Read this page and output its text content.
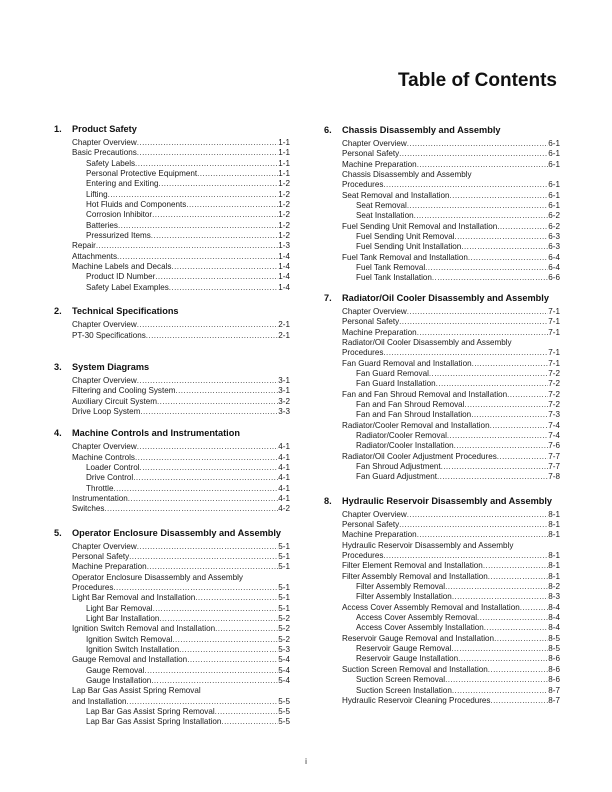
Table of Contents
1.	Product Safety
Chapter Overview .....	1-1
Basic Precautions .....	1-1
Safety Labels .....	1-1
Personal Protective Equipment .....	1-1
Entering and Exiting .....	1-2
Lifting .....	1-2
Hot Fluids and Components .....	1-2
Corrosion Inhibitor .....	1-2
Batteries .....	1-2
Pressurized Items .....	1-2
Repair .....	1-3
Attachments .....	1-4
Machine Labels and Decals .....	1-4
Product ID Number .....	1-4
Safety Label Examples .....	1-4
2.	Technical Specifications
Chapter Overview .....	2-1
PT-30 Specifications .....	2-1
3.	System Diagrams
Chapter Overview .....	3-1
Filtering and Cooling System .....	3-1
Auxiliary Circuit System .....	3-2
Drive Loop System .....	3-3
4.	Machine Controls and Instrumentation
Chapter Overview .....	4-1
Machine Controls .....	4-1
Loader Control .....	4-1
Drive Control .....	4-1
Throttle .....	4-1
Instrumentation .....	4-1
Switches .....	4-2
5.	Operator Enclosure Disassembly and Assembly
Chapter Overview .....	5-1
Personal Safety .....	5-1
Machine Preparation .....	5-1
Operator Enclosure Disassembly and Assembly
Procedures .....	5-1
Light Bar Removal and Installation .....	5-1
Light Bar Removal .....	5-1
Light Bar Installation .....	5-2
Ignition Switch Removal and Installation .....	5-2
Ignition Switch Removal .....	5-2
Ignition Switch Installation .....	5-3
Gauge Removal and Installation .....	5-4
Gauge Removal .....	5-4
Gauge Installation .....	5-4
Lap Bar Gas Assist Spring Removal
and Installation .....	5-5
Lap Bar Gas Assist Spring Removal .....	5-5
Lap Bar Gas Assist Spring Installation .....	5-5
6.	Chassis Disassembly and Assembly
Chapter Overview .....	6-1
Personal Safety .....	6-1
Machine Preparation .....	6-1
Chassis Disassembly and Assembly
Procedures .....	6-1
Seat Removal and Installation .....	6-1
Seat Removal .....	6-1
Seat Installation .....	6-2
Fuel Sending Unit Removal and Installation .....	6-2
Fuel Sending Unit Removal .....	6-3
Fuel Sending Unit Installation .....	6-3
Fuel Tank Removal and Installation .....	6-4
Fuel Tank Removal .....	6-4
Fuel Tank Installation .....	6-6
7.	Radiator/Oil Cooler Disassembly and Assembly
Chapter Overview .....	7-1
Personal Safety .....	7-1
Machine Preparation .....	7-1
Radiator/Oil Cooler Disassembly and Assembly
Procedures .....	7-1
Fan Guard Removal and Installation .....	7-1
Fan Guard Removal .....	7-2
Fan Guard Installation .....	7-2
Fan and Fan Shroud Removal and Installation .....	7-2
Fan and Fan Shroud Removal .....	7-2
Fan and Fan Shroud Installation .....	7-3
Radiator/Cooler Removal and Installation .....	7-4
Radiator/Cooler Removal .....	7-4
Radiator/Cooler Installation .....	7-6
Radiator/Oil Cooler Adjustment Procedures .....	7-7
Fan Shroud Adjustment .....	7-7
Fan Guard Adjustment .....	7-8
8.	Hydraulic Reservoir Disassembly and Assembly
Chapter Overview .....	8-1
Personal Safety .....	8-1
Machine Preparation .....	8-1
Hydraulic Reservoir Disassembly and Assembly
Procedures .....	8-1
Filter Element Removal and Installation .....	8-1
Filter Assembly Removal and Installation .....	8-1
Filter Assembly Removal .....	8-2
Filter Assembly Installation .....	8-3
Access Cover Assembly Removal and Installation .....	8-4
Access Cover Assembly Removal .....	8-4
Access Cover Assembly Installation .....	8-4
Reservoir Gauge Removal and Installation .....	8-5
Reservoir Gauge Removal .....	8-5
Reservoir Gauge Installation .....	8-6
Suction Screen Removal and Installation .....	8-6
Suction Screen Removal .....	8-6
Suction Screen Installation .....	8-7
Hydraulic Reservoir Cleaning Procedures .....	8-7
i
